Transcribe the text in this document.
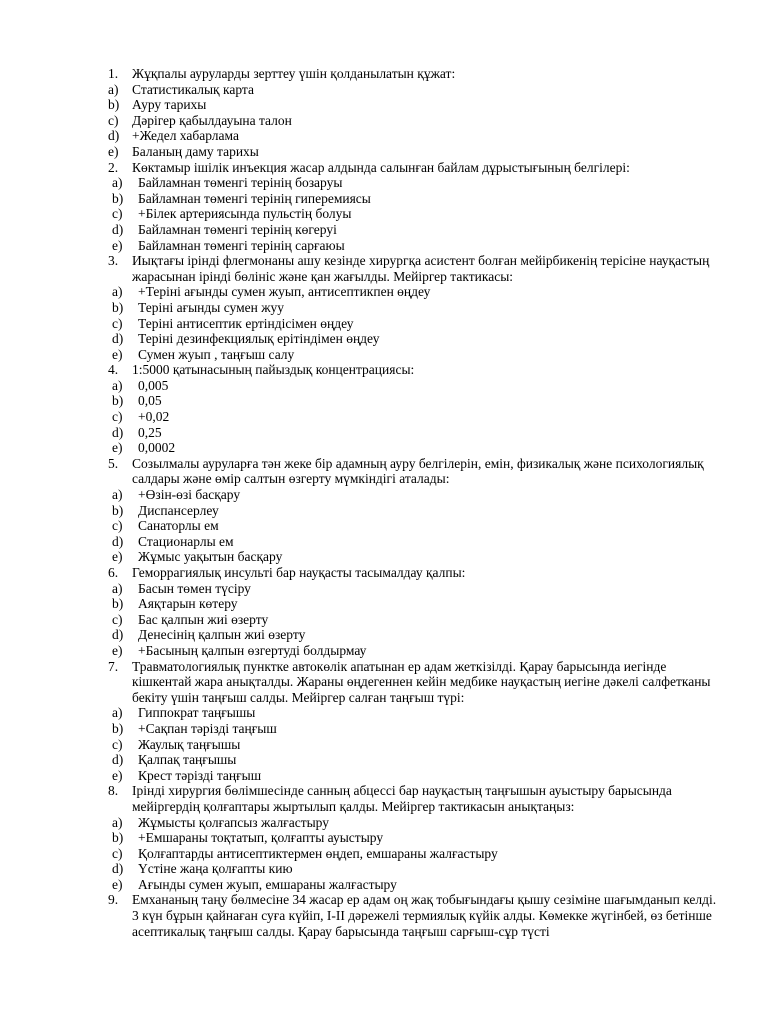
1.	Жұқпалы ауруларды зерттеу үшін қолданылатын құжат:
a)	Статистикалық карта
b) Ауру тарихы
c)	Дәрігер қабылдауына талон
d) +Жедел хабарлама
e)	Баланың даму тарихы
2.	Көктамыр ішілік инъекция жасар алдында салынған байлам дұрыстығының белгілері:
a)	Байламнан төменгі терінің бозаруы
b)	Байламнан төменгі терінің гиперемиясы
c)	+Білек артериясында пульстің болуы
d)	Байламнан төменгі терінің көгеруі
e)	Байламнан төменгі терінің сарғаюы
3.	Иықтағы ірінді флегмонаны ашу кезінде хирургқа асистент болған мейірбикенің терісіне науқастың жарасынан ірінді бөлініс және қан жағылды. Мейіргер тактикасы:
a)	+Теріні ағынды сумен жуып, антисептикпен өңдеу
b)	Теріні ағынды сумен жуу
c)	Теріні антисептик ертіндісімен өңдеу
d)	Теріні дезинфекциялық ерітіндімен өңдеу
e)	Сумен жуып , таңғыш салу
4.	1:5000 қатынасының пайыздық концентрациясы:
a)	0,005
b)	0,05
c)	+0,02
d)	0,25
e)	0,0002
5.	Созылмалы ауруларға тән жеке бір адамның ауру белгілерін, емін, физикалық және психологиялық салдары және өмір салтын өзгерту мүмкіндігі аталады:
a)	+Өзін-өзі басқару
b)	Диспансерлеу
c)	Санаторлы ем
d)	Стационарлы ем
e)	Жұмыс уақытын басқару
6.	Геморрагиялық инсульті бар науқасты тасымалдау қалпы:
a)	Басын төмен түсіру
b)	Аяқтарын көтеру
c)	Бас қалпын жиі өзерту
d)	Денесінің қалпын жиі өзерту
e)	+Басының қалпын өзгертуді болдырмау
7.	Травматологиялық пунктке автокөлік апатынан ер адам жеткізілді. Қарау барысында иегінде кішкентай жара анықталды. Жараны өңдегеннен кейін медбике науқастың иегіне дәкелі салфетканы бекіту үшін таңғыш салды. Мейіргер салған таңғыш түрі:
a)	Гиппократ таңғышы
b)	+Сақпан тәрізді таңғыш
c)	Жаулық таңғышы
d)	Қалпақ таңғышы
e)	Крест тәрізді таңғыш
8.	Ірінді хирургия бөлімшесінде санның абцессі бар науқастың таңғышын ауыстыру барысында мейіргердің қолғаптары жыртылып қалды. Мейіргер тактикасын анықтаңыз:
a)	Жұмысты қолғапсыз жалғастыру
b)	+Емшараны тоқтатып, қолғапты ауыстыру
c)	Қолғаптарды антисептиктермен өңдеп, емшараны жалғастыру
d)	Үстіне жаңа қолғапты кию
e)	Ағынды сумен жуып, емшараны жалғастыру
9.	Емхананың таңу бөлмесіне 34 жасар ер адам оң жақ тобығындағы қышу сезіміне шағымданып келді. 3 күн бұрын қайнаған суға күйіп, I-II дәрежелі термиялық күйік алды. Көмекке жүгінбей, өз бетінше асептикалық таңғыш салды. Қарау барысында таңғыш сарғыш-сұр түсті
